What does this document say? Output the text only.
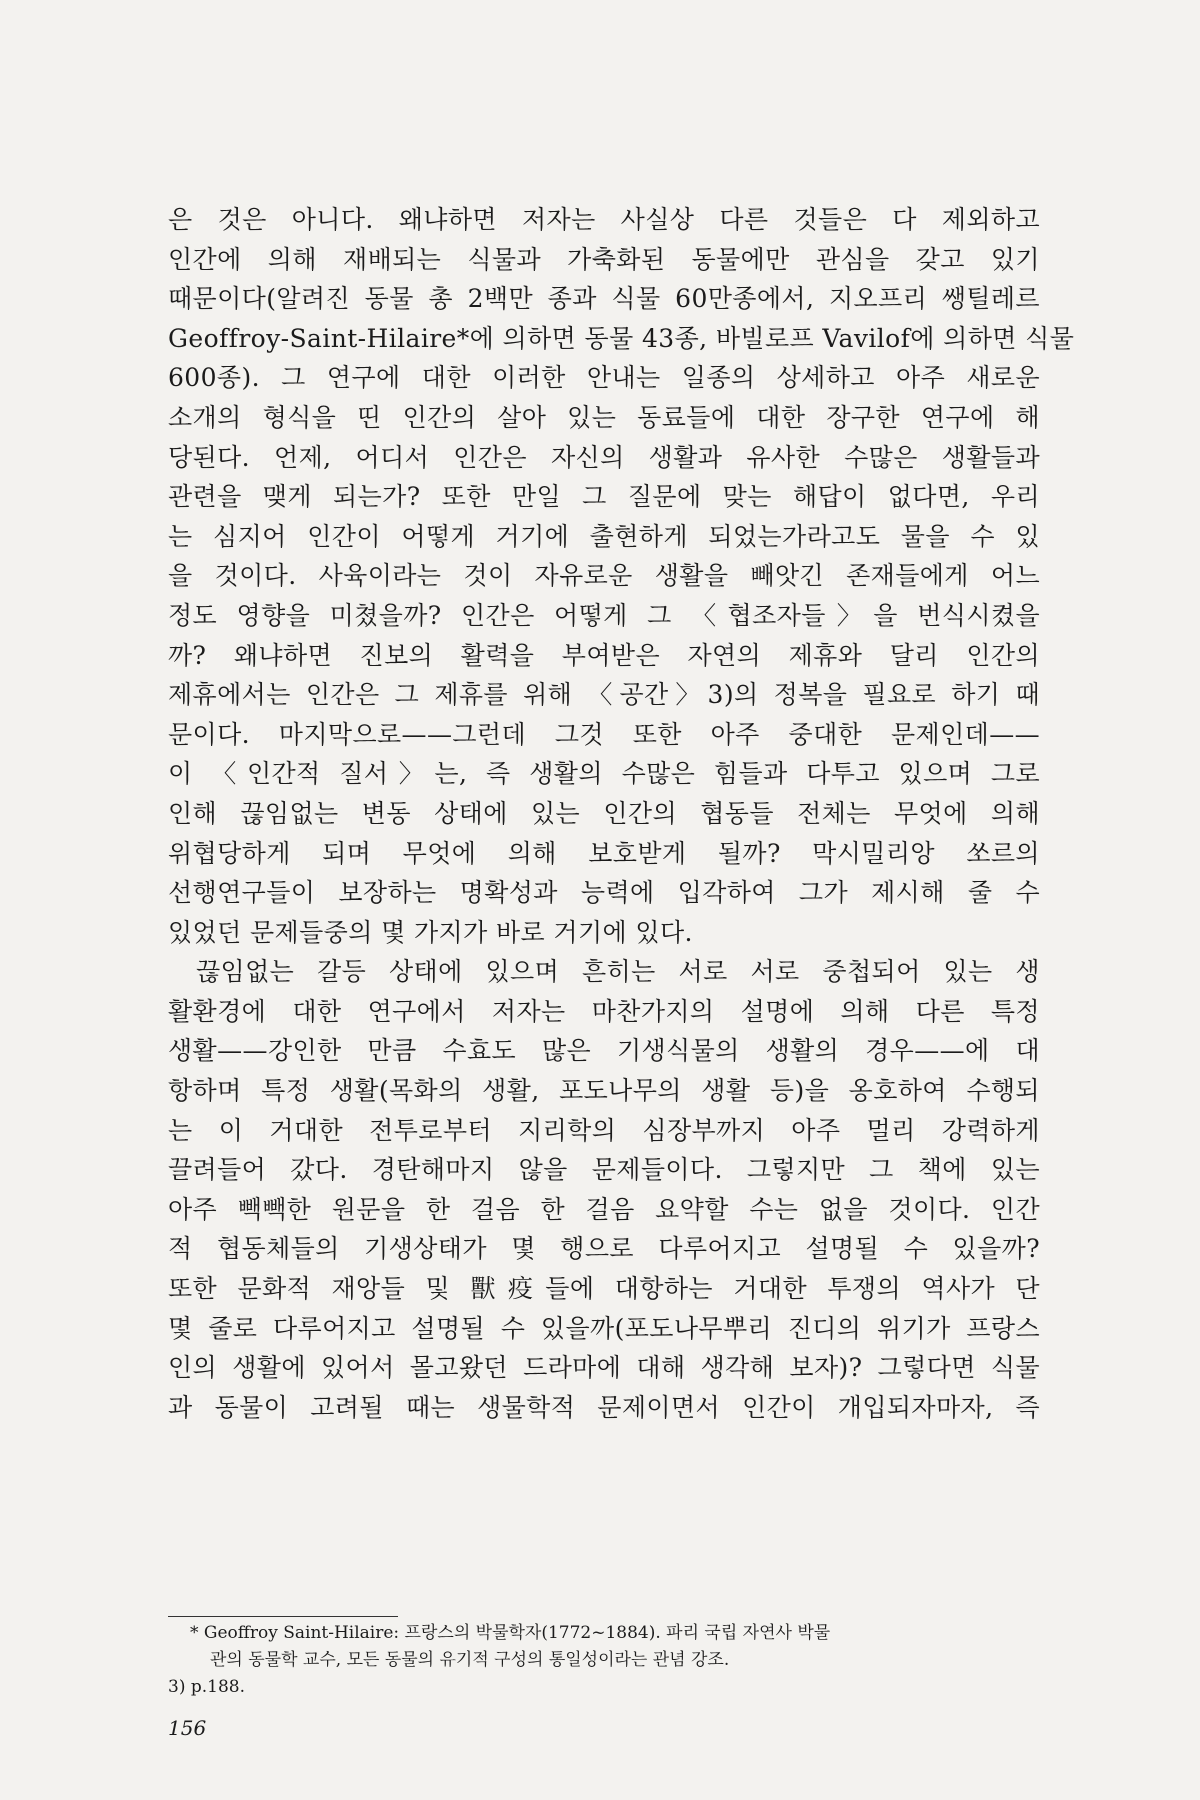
은 것은 아니다. 왜냐하면 저자는 사실상 다른 것들은 다 제외하고
인간에 의해 재배되는 식물과 가축화된 동물에만 관심을 갖고 있기
때문이다(알려진 동물 총 2백만 종과 식물 60만종에서, 지오프리 쌩틸레르
Geoffroy-Saint-Hilaire*에 의하면 동물 43종, 바빌로프 Vavilof에 의하면 식물
600종). 그 연구에 대한 이러한 안내는 일종의 상세하고 아주 새로운
소개의 형식을 띤 인간의 살아 있는 동료들에 대한 장구한 연구에 해
당된다. 언제, 어디서 인간은 자신의 생활과 유사한 수많은 생활들과
관련을 맺게 되는가? 또한 만일 그 질문에 맞는 해답이 없다면, 우리
는 심지어 인간이 어떻게 거기에 출현하게 되었는가라고도 물을 수 있
을 것이다. 사육이라는 것이 자유로운 생활을 빼앗긴 존재들에게 어느
정도 영향을 미쳤을까? 인간은 어떻게 그 〈협조자들〉을 번식시켰을
까? 왜냐하면 진보의 활력을 부여받은 자연의 제휴와 달리 인간의
제휴에서는 인간은 그 제휴를 위해 〈공간〉3)의 정복을 필요로 하기 때
문이다. 마지막으로——그런데 그것 또한 아주 중대한 문제인데——
이 〈인간적 질서〉는, 즉 생활의 수많은 힘들과 다투고 있으며 그로
인해 끊임없는 변동 상태에 있는 인간의 협동들 전체는 무엇에 의해
위협당하게 되며 무엇에 의해 보호받게 될까? 막시밀리앙 쏘르의
선행연구들이 보장하는 명확성과 능력에 입각하여 그가 제시해 줄 수
있었던 문제들중의 몇 가지가 바로 거기에 있다.
끊임없는 갈등 상태에 있으며 흔히는 서로 서로 중첩되어 있는 생
활환경에 대한 연구에서 저자는 마찬가지의 설명에 의해 다른 특정
생활——강인한 만큼 수효도 많은 기생식물의 생활의 경우——에 대
항하며 특정 생활(목화의 생활, 포도나무의 생활 등)을 옹호하여 수행되
는 이 거대한 전투로부터 지리학의 심장부까지 아주 멀리 강력하게
끌려들어 갔다. 경탄해마지 않을 문제들이다. 그렇지만 그 책에 있는
아주 빽빽한 원문을 한 걸음 한 걸음 요약할 수는 없을 것이다. 인간
적 협동체들의 기생상태가 몇 행으로 다루어지고 설명될 수 있을까?
또한 문화적 재앙들 및 獸疫들에 대항하는 거대한 투쟁의 역사가 단
몇 줄로 다루어지고 설명될 수 있을까(포도나무뿌리 진디의 위기가 프랑스
인의 생활에 있어서 몰고왔던 드라마에 대해 생각해 보자)? 그렇다면 식물
과 동물이 고려될 때는 생물학적 문제이면서 인간이 개입되자마자, 즉
* Geoffroy Saint-Hilaire: 프랑스의 박물학자(1772~1884). 파리 국립 자연사 박물
관의 동물학 교수, 모든 동물의 유기적 구성의 통일성이라는 관념 강조.
3) p.188.
156
